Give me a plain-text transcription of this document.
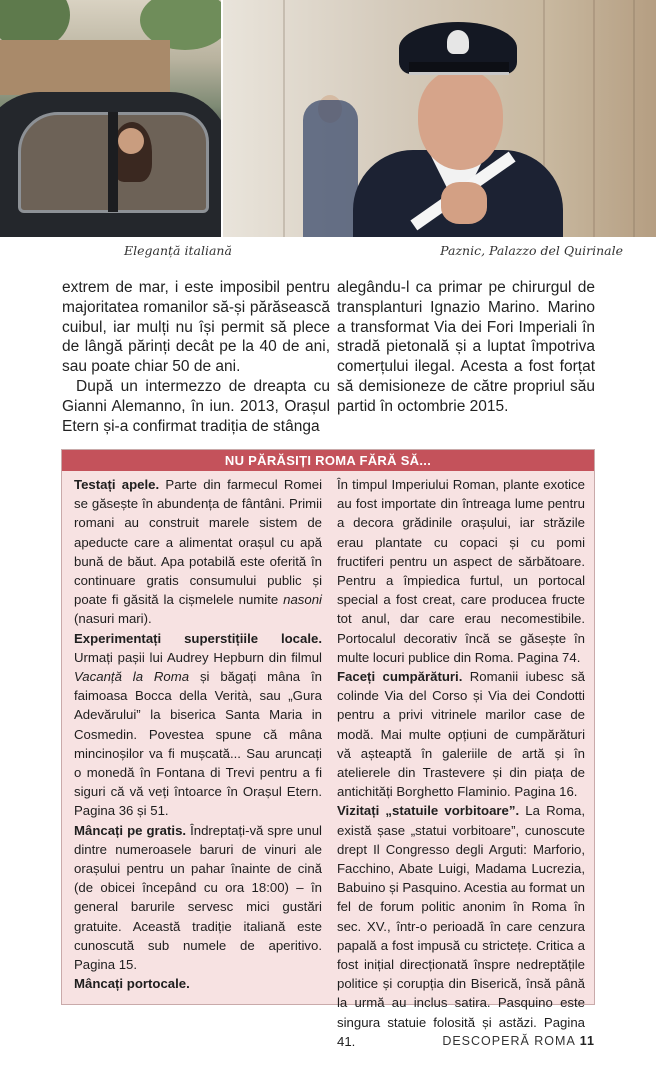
Eleganță italiană	Paznic, Palazzo del Quirinale

extrem de mar, i este imposibil pentru majoritatea romanilor să-și părăsească cuibul, iar mulți nu își permit să plece de lângă părinți decât pe la 40 de ani, sau poate chiar 50 de ani.

După un intermezzo de dreapta cu Gianni Alemanno, în iun. 2013, Orașul Etern și-a confirmat tradiția de stânga

alegându-l ca primar pe chirurgul de transplanturi Ignazio Marino. Marino a transformat Via dei Fori Imperiali în stradă pietonală și a luptat împotriva comerțului ilegal. Acesta a fost forțat să demisioneze de către propriul său partid în octombrie 2015.

NU PĂRĂSIȚI ROMA FĂRĂ SĂ...

Testați apele. Parte din farmecul Romei se găsește în abundența de fântâni. Primii romani au construit marele sistem de apeducte care a alimentat orașul cu apă bună de băut. Apa potabilă este oferită în continuare gratis consumului public și poate fi găsită la cișmelele numite nasoni (nasuri mari).

Experimentați superstițiile locale. Urmați pașii lui Audrey Hepburn din filmul Vacanță la Roma și băgați mâna în faimoasa Bocca della Verità, sau „Gura Adevărului” la biserica Santa Maria in Cosmedin. Povestea spune că mâna mincinoșilor va fi mușcată... Sau aruncați o monedă în Fontana di Trevi pentru a fi siguri că vă veți întoarce în Orașul Etern. Pagina 36 și 51.

Mâncați pe gratis. Îndreptați-vă spre unul dintre numeroasele baruri de vinuri ale orașului pentru un pahar înainte de cină (de obicei începând cu ora 18:00) – în general barurile servesc mici gustări gratuite. Această tradiție italiană este cunoscută sub numele de aperitivo. Pagina 15.

Mâncați portocale.

În timpul Imperiului Roman, plante exotice au fost importate din întreaga lume pentru a decora grădinile orașului, iar străzile erau plantate cu copaci și cu pomi fructiferi pentru un aspect de sărbătoare. Pentru a împiedica furtul, un portocal special a fost creat, care producea fructe tot anul, dar care erau necomestibile. Portocalul decorativ încă se găsește în multe locuri publice din Roma. Pagina 74.

Faceți cumpărături. Romanii iubesc să colinde Via del Corso și Via dei Condotti pentru a privi vitrinele marilor case de modă. Mai multe opțiuni de cumpărături vă așteaptă în galeriile de artă și în atelierele din Trastevere și din piața de antichități Borghetto Flaminio. Pagina 16.

Vizitați „statuile vorbitoare”. La Roma, există șase „statui vorbitoare”, cunoscute drept Il Congresso degli Arguti: Marforio, Facchino, Abate Luigi, Madama Lucrezia, Babuino și Pasquino. Acestia au format un fel de forum politic anonim în Roma în sec. XV., într-o perioadă în care cenzura papală a fost impusă cu strictețe. Critica a fost inițial direcționată înspre nedreptățile politice și corupția din Biserică, însă până la urmă au inclus satira. Pasquino este singura statuie folosită și astăzi. Pagina 41.	DESCOPERĂ ROMA 11
